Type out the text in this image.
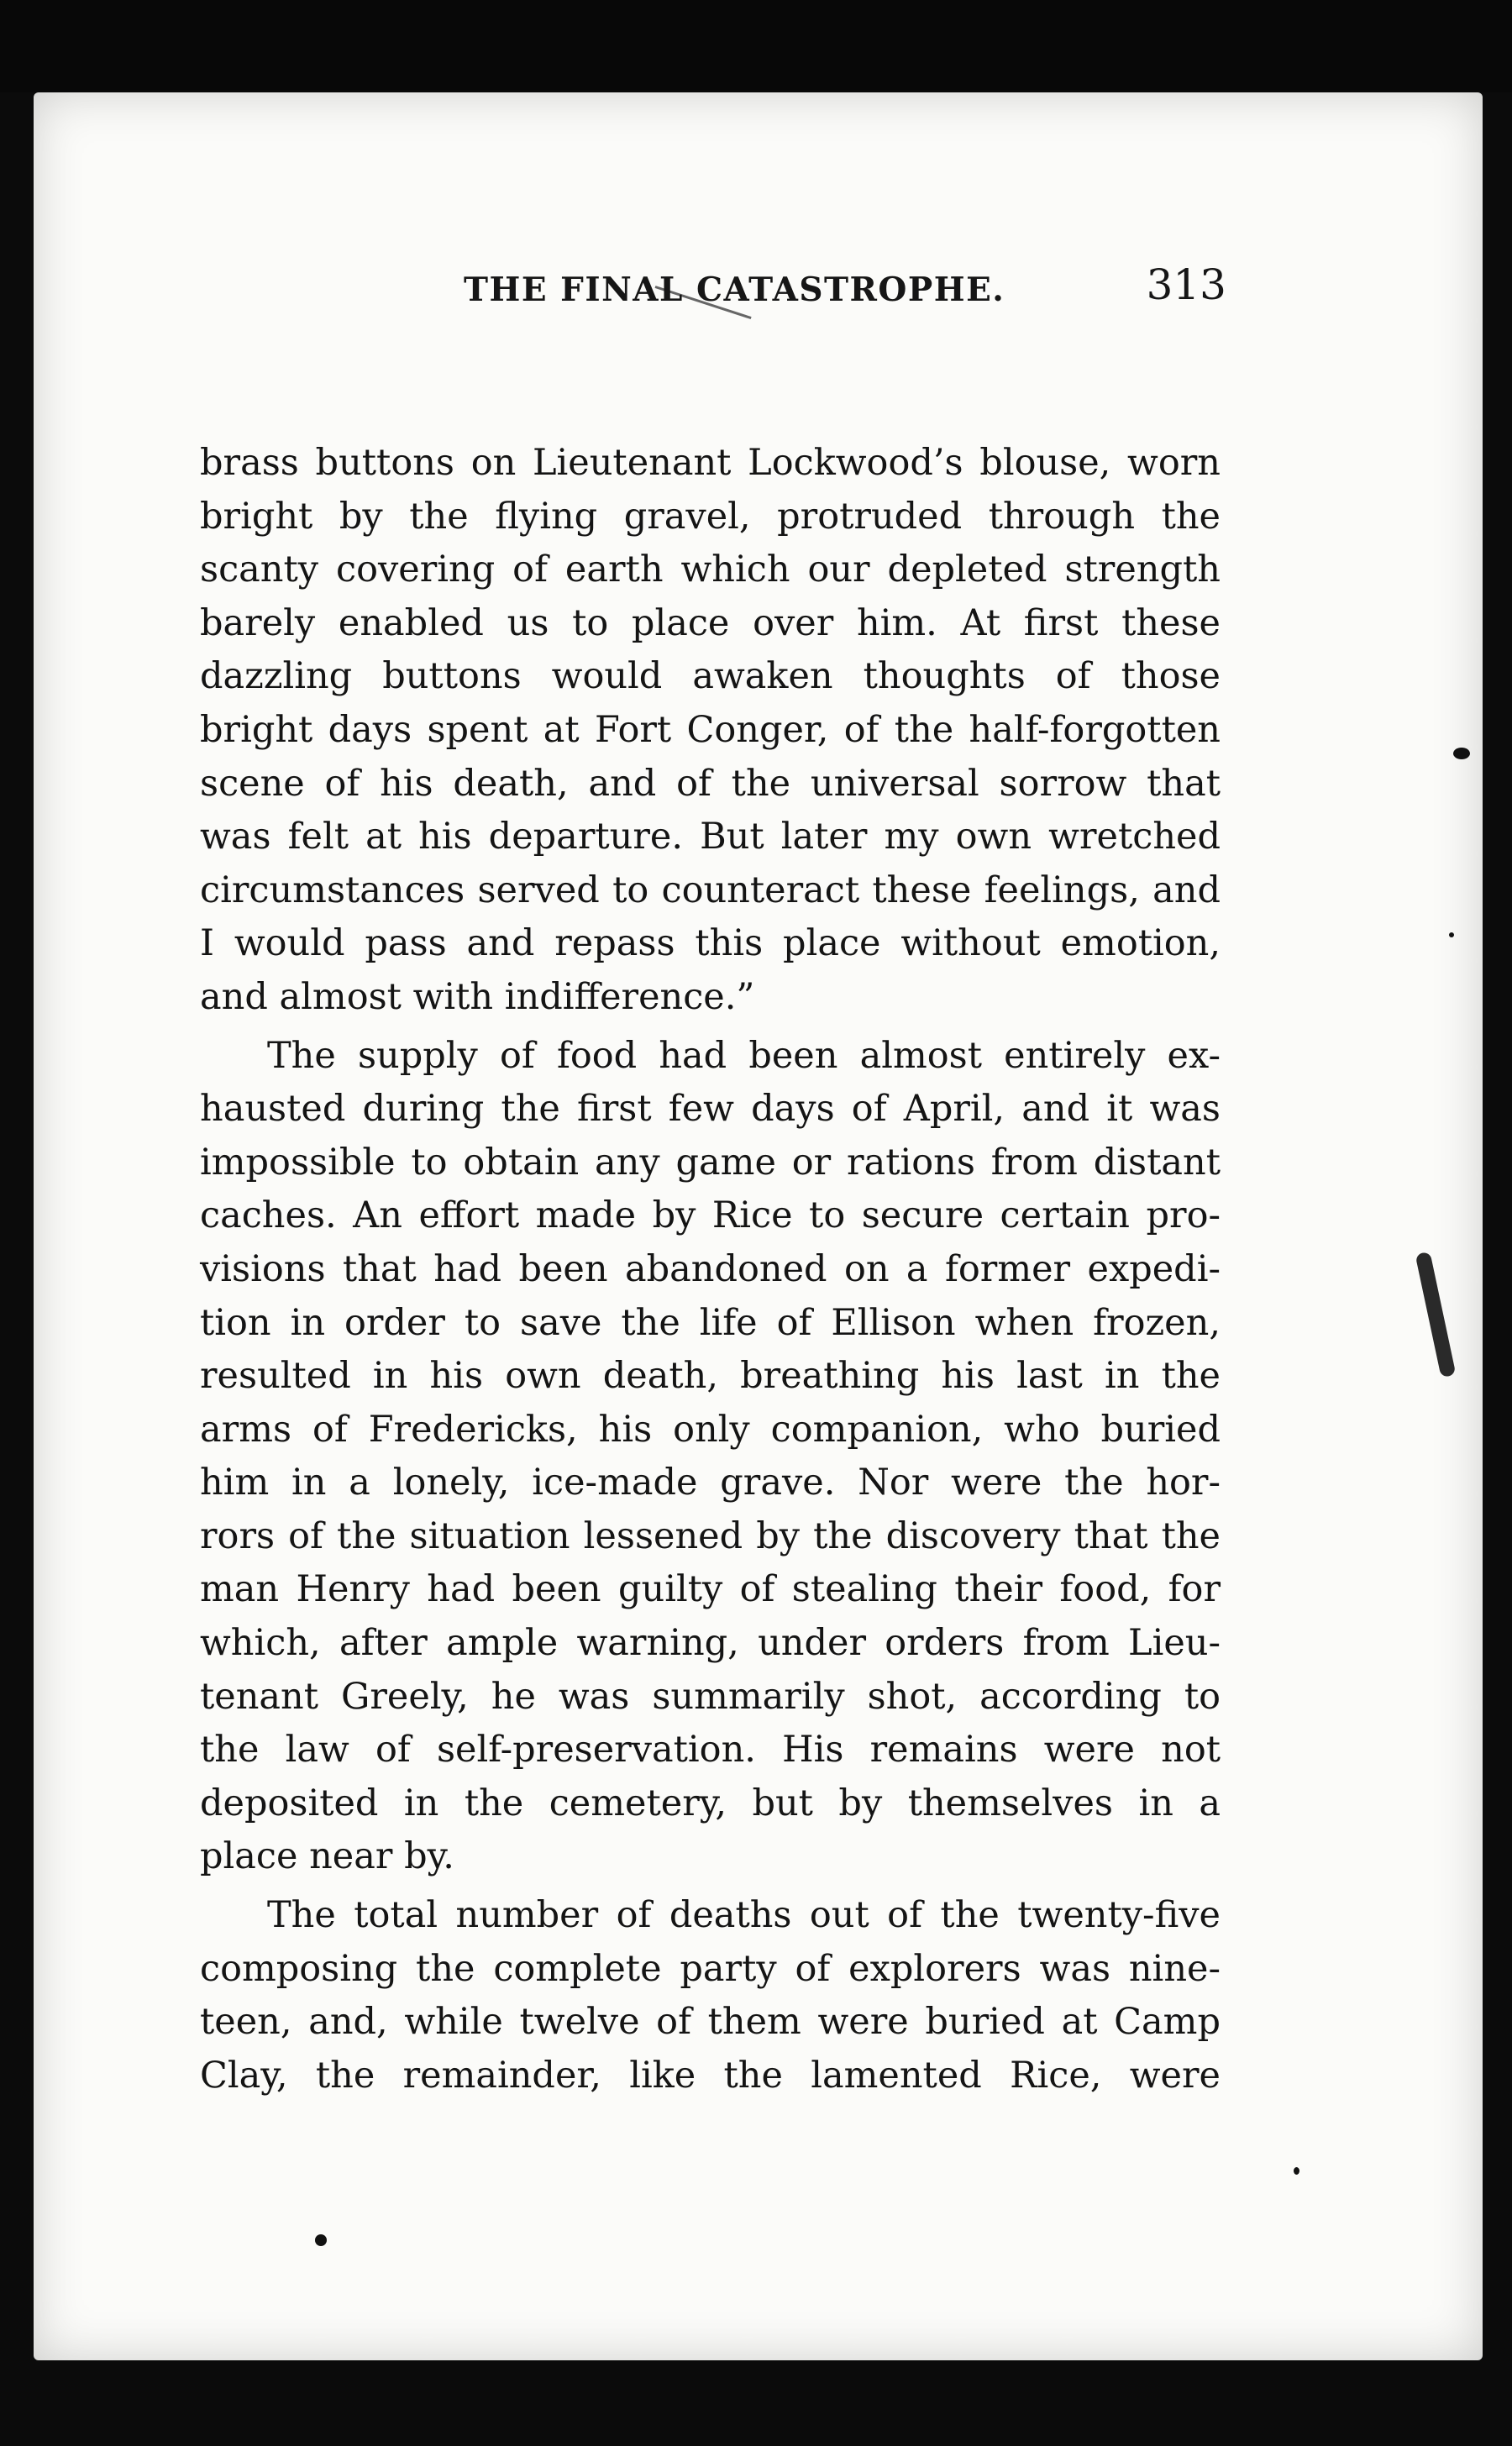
THE FINAL CATASTROPHE.	313
brass buttons on Lieutenant Lockwood’s blouse, worn
bright by the flying gravel, protruded through the
scanty covering of earth which our depleted strength
barely enabled us to place over him. At first these
dazzling buttons would awaken thoughts of those
bright days spent at Fort Conger, of the half-forgotten
scene of his death, and of the universal sorrow that
was felt at his departure. But later my own wretched
circumstances served to counteract these feelings, and
I would pass and repass this place without emotion,
and almost with indifference.”
The supply of food had been almost entirely ex-
hausted during the first few days of April, and it was
impossible to obtain any game or rations from distant
caches. An effort made by Rice to secure certain pro-
visions that had been abandoned on a former expedi-
tion in order to save the life of Ellison when frozen,
resulted in his own death, breathing his last in the
arms of Fredericks, his only companion, who buried
him in a lonely, ice-made grave. Nor were the hor-
rors of the situation lessened by the discovery that the
man Henry had been guilty of stealing their food, for
which, after ample warning, under orders from Lieu-
tenant Greely, he was summarily shot, according to
the law of self-preservation. His remains were not
deposited in the cemetery, but by themselves in a
place near by.
The total number of deaths out of the twenty-five
composing the complete party of explorers was nine-
teen, and, while twelve of them were buried at Camp
Clay, the remainder, like the lamented Rice, were
